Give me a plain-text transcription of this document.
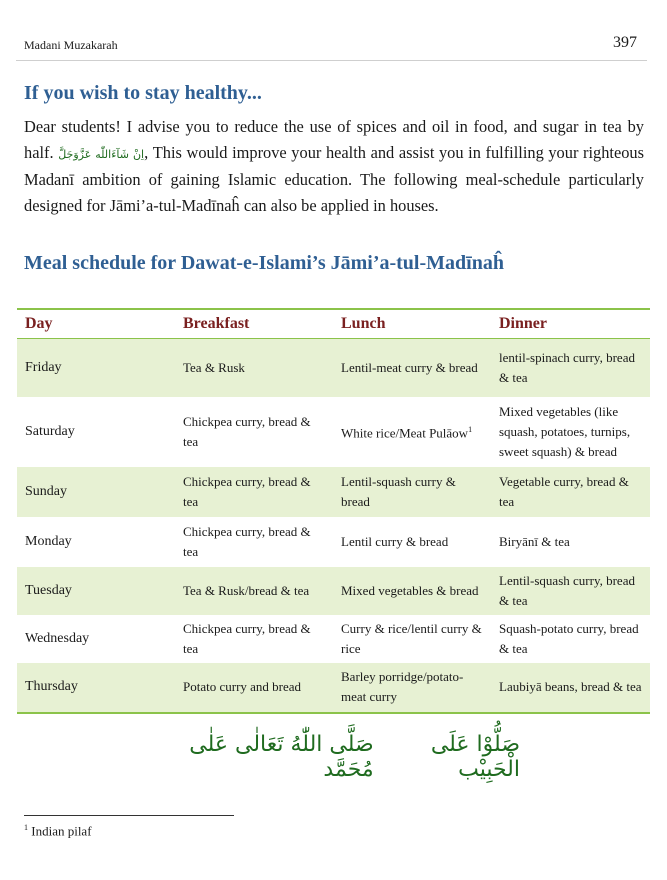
Madani Muzakarah	397
If you wish to stay healthy...

Dear students! I advise you to reduce the use of spices and oil in food, and sugar in tea by half. اِنْ شَآءَاللّٰه عَزَّوَجَلَّ, This would improve your health and assist you in fulfilling your righteous Madanī ambition of gaining Islamic education. The following meal-schedule particularly designed for Jāmi’a-tul-Madīnaĥ can also be applied in houses.

Meal schedule for Dawat-e-Islami’s Jāmi’a-tul-Madīnaĥ
Day	Breakfast	Lunch	Dinner
Friday	Tea & Rusk	Lentil-meat curry & bread	lentil-spinach curry, bread & tea
Saturday	Chickpea curry, bread & tea	White rice/Meat Pulāow$^1$	Mixed vegetables (like squash, potatoes, turnips, sweet squash) & bread
Sunday	Chickpea curry, bread & tea	Lentil-squash curry & bread	Vegetable curry, bread & tea
Monday	Chickpea curry, bread & tea	Lentil curry & bread	Biryānī & tea
Tuesday	Tea & Rusk/bread & tea	Mixed vegetables & bread	Lentil-squash curry, bread & tea
Wednesday	Chickpea curry, bread & tea	Curry & rice/lentil curry & rice	Squash-potato curry, bread & tea
Thursday	Potato curry and bread	Barley porridge/potato-meat curry	Laubiyā beans, bread & tea
صَلُّوْا عَلَى الْحَبِيْب
صَلَّى اللّٰهُ تَعَالٰى عَلٰى مُحَمَّد
$^1$ Indian pilaf
